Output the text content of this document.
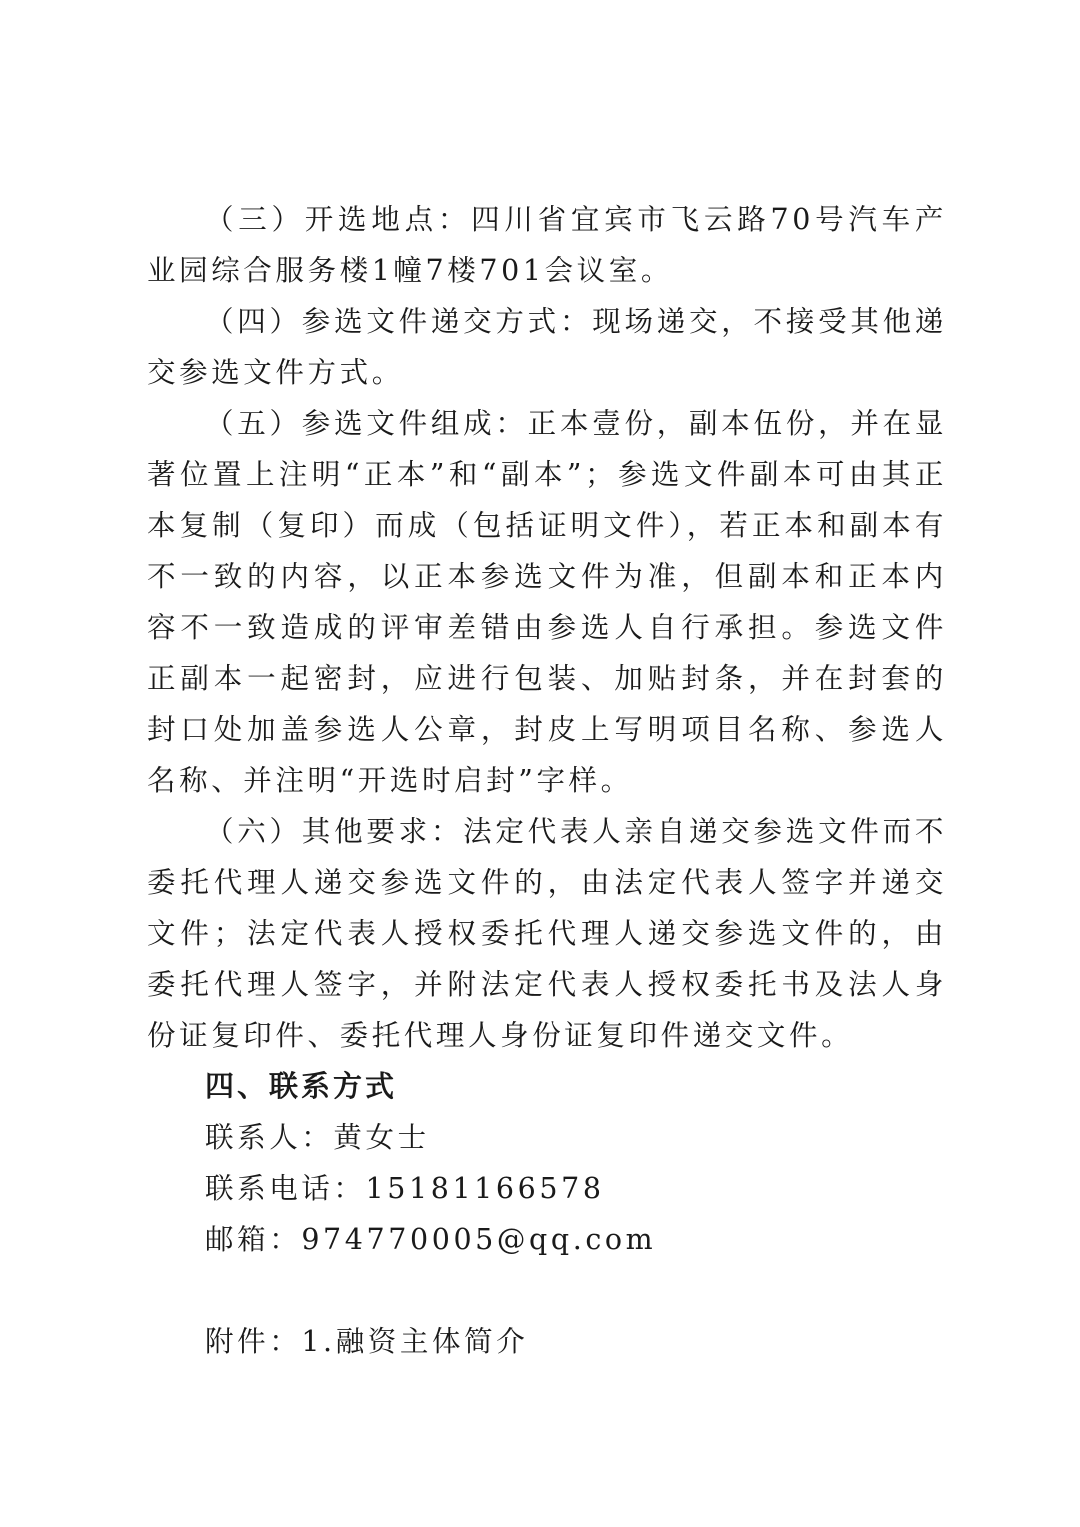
（三）开选地点：四川省宜宾市飞云路70号汽车产业园综合服务楼1幢7楼701会议室。

（四）参选文件递交方式：现场递交，不接受其他递交参选文件方式。

（五）参选文件组成：正本壹份，副本伍份，并在显著位置上注明“正本”和“副本”；参选文件副本可由其正本复制（复印）而成（包括证明文件），若正本和副本有不一致的内容，以正本参选文件为准，但副本和正本内容不一致造成的评审差错由参选人自行承担。参选文件正副本一起密封，应进行包装、加贴封条，并在封套的封口处加盖参选人公章，封皮上写明项目名称、参选人名称、并注明“开选时启封”字样。

（六）其他要求：法定代表人亲自递交参选文件而不委托代理人递交参选文件的，由法定代表人签字并递交文件；法定代表人授权委托代理人递交参选文件的，由委托代理人签字，并附法定代表人授权委托书及法人身份证复印件、委托代理人身份证复印件递交文件。

四、联系方式

联系人：黄女士

联系电话：15181166578

邮箱：974770005@qq.com

附件：1.融资主体简介
